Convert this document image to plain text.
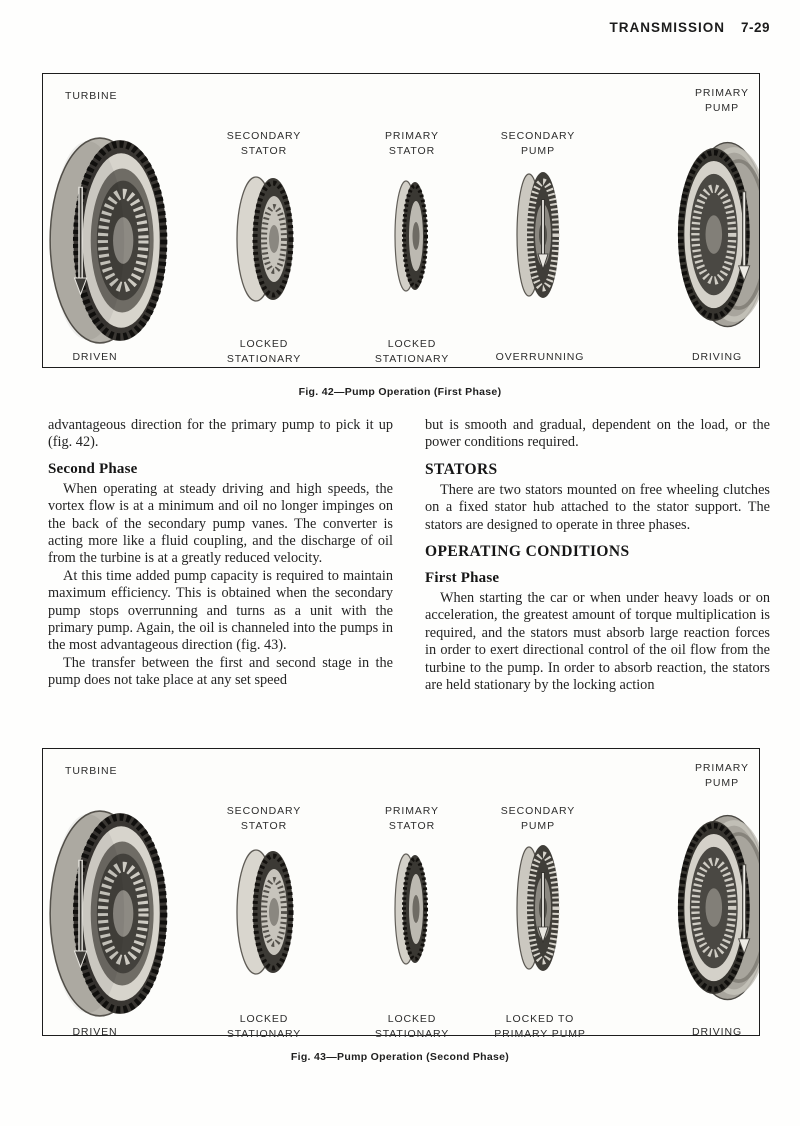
TRANSMISSION 7-29
TURBINE	PRIMARY PUMP
SECONDARY STATOR
PRIMARY STATOR
SECONDARY PUMP
DRIVEN
LOCKED STATIONARY
LOCKED STATIONARY	OVERRUNNING	DRIVING
Fig. 42—Pump Operation (First Phase)

advantageous direction for the primary pump to pick it up (fig. 42).

Second Phase

When operating at steady driving and high speeds, the vortex flow is at a minimum and oil no longer impinges on the back of the secondary pump vanes. The converter is acting more like a fluid coupling, and the discharge of oil from the turbine is at a greatly reduced velocity.

At this time added pump capacity is required to maintain maximum efficiency. This is obtained when the secondary pump stops overrunning and turns as a unit with the primary pump. Again, the oil is channeled into the pumps in the most advantageous direction (fig. 43).

The transfer between the first and second stage in the pump does not take place at any set speed

but is smooth and gradual, dependent on the load, or the power conditions required.

STATORS

There are two stators mounted on free wheeling clutches on a fixed stator hub attached to the stator support. The stators are designed to operate in three phases.

OPERATING CONDITIONS
First Phase

When starting the car or when under heavy loads or on acceleration, the greatest amount of torque multiplication is required, and the stators must absorb large reaction forces in order to exert directional control of the oil flow from the turbine to the pump. In order to absorb reaction, the stators are held stationary by the locking action

TURBINE	PRIMARY PUMP
SECONDARY STATOR
PRIMARY STATOR
SECONDARY PUMP
DRIVEN
LOCKED STATIONARY
LOCKED STATIONARY
LOCKED TO PRIMARY PUMP	DRIVING
Fig. 43—Pump Operation (Second Phase)
